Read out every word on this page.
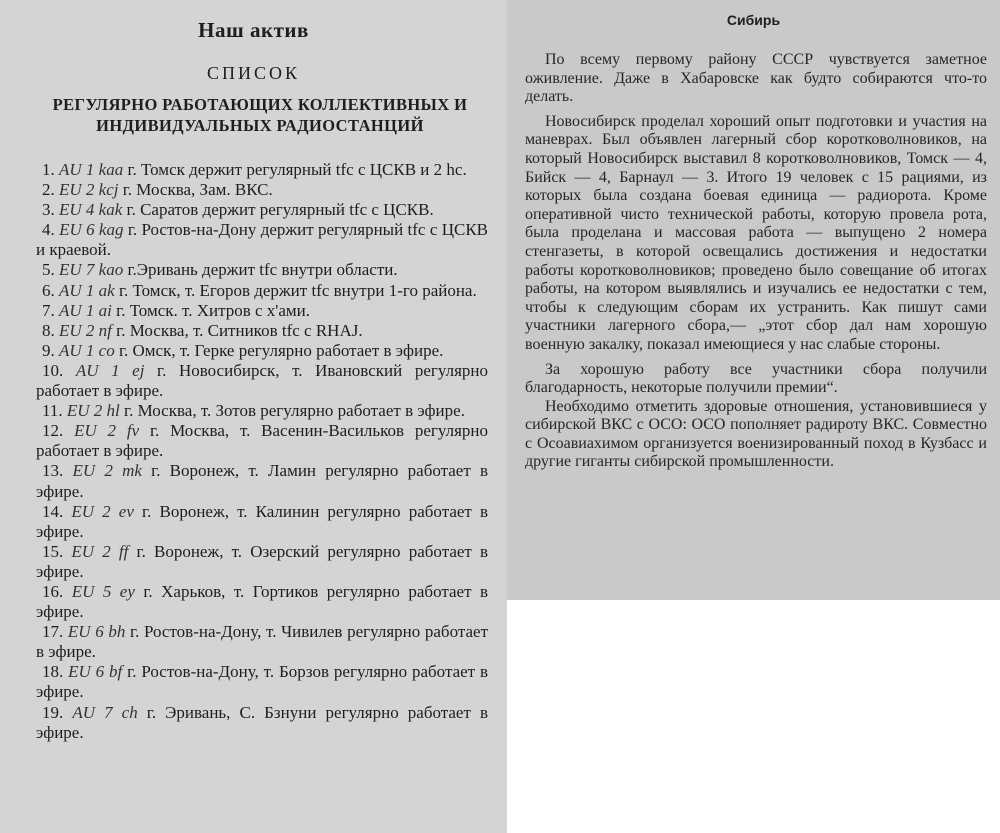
Наш актив
СПИСОК
РЕГУЛЯРНО РАБОТАЮЩИХ КОЛЛЕКТИВНЫХ И ИНДИВИДУАЛЬНЫХ РАДИОСТАНЦИЙ

1. AU 1 kaa г. Томск держит регулярный tfc с ЦСКВ и 2 hc.

2. EU 2 kcj г. Москва, Зам. ВКС.

3. EU 4 kak г. Саратов держит регулярный tfc с ЦСКВ.

4. EU 6 kag г. Ростов-на-Дону держит регулярный tfc с ЦСКВ и краевой.

5. EU 7 kao г.Эривань держит tfc внутри области.

6. AU 1 ak г. Томск, т. Егоров держит tfc внутри 1-го района.

7. AU 1 ai г. Томск. т. Хитров с х'ами.

8. EU 2 nf г. Москва, т. Ситников tfc с RHAJ.

9. AU 1 co г. Омск, т. Герке регулярно работает в эфире.

10. AU 1 ej г. Новосибирск, т. Ивановский регулярно работает в эфире.

11. EU 2 hl г. Москва, т. Зотов регулярно работает в эфире.

12. EU 2 fv г. Москва, т. Васенин-Васильков регулярно работает в эфире.

13. EU 2 mk г. Воронеж, т. Ламин регулярно работает в эфире.

14. EU 2 ev г. Воронеж, т. Калинин регулярно работает в эфире.

15. EU 2 ff г. Воронеж, т. Озерский регулярно работает в эфире.

16. EU 5 ey г. Харьков, т. Гортиков регулярно работает в эфире.

17. EU 6 bh г. Ростов-на-Дону, т. Чивилев регулярно работает в эфире.

18. EU 6 bf г. Ростов-на-Дону, т. Борзов регулярно работает в эфире.

19. AU 7 ch г. Эривань, С. Бзнуни регулярно работает в эфире.

Сибирь

По всему первому району СССР чувствуется заметное оживление. Даже в Хабаровске как будто собираются что-то делать.

Новосибирск проделал хороший опыт подготовки и участия на маневрах. Был объявлен лагерный сбор коротковолновиков, на который Новосибирск выставил 8 коротковолновиков, Томск — 4, Бийск — 4, Барнаул — 3. Итого 19 человек с 15 рациями, из которых была создана боевая единица — радиорота. Кроме оперативной чисто технической работы, которую провела рота, была проделана и массовая работа — выпущено 2 номера стенгазеты, в которой освещались достижения и недостатки работы коротковолновиков; проведено было совещание об итогах работы, на котором выявлялись и изучались ее недостатки с тем, чтобы к следующим сборам их устранить. Как пишут сами участники лагерного сбора,— „этот сбор дал нам хорошую военную закалку, показал имеющиеся у нас слабые стороны.

За хорошую работу все участники сбора получили благодарность, некоторые получили премии“.

Необходимо отметить здоровые отношения, установившиеся у сибирской ВКС с ОСО: ОСО пополняет радироту ВКС. Совместно с Осоавиахимом организуется военизированный поход в Кузбасс и другие гиганты сибирской промышленности.
